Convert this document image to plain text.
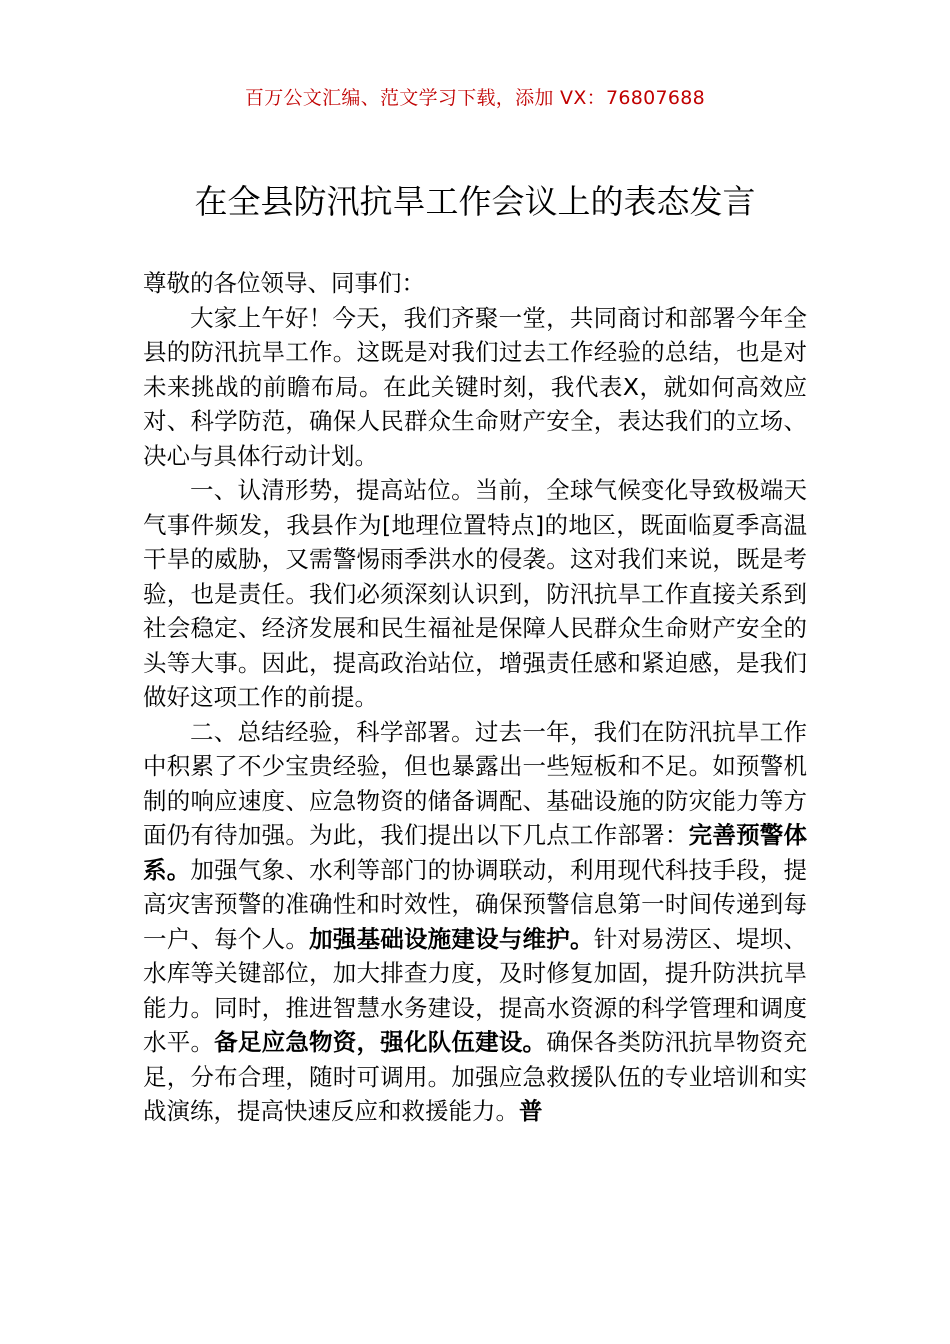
百万公文汇编、范文学习下载，添加 VX：76807688
在全县防汛抗旱工作会议上的表态发言

尊敬的各位领导、同事们：

大家上午好！今天，我们齐聚一堂，共同商讨和部署今年全县的防汛抗旱工作。这既是对我们过去工作经验的总结，也是对未来挑战的前瞻布局。在此关键时刻，我代表X，就如何高效应对、科学防范，确保人民群众生命财产安全，表达我们的立场、决心与具体行动计划。

一、认清形势，提高站位。当前，全球气候变化导致极端天气事件频发，我县作为[地理位置特点]的地区，既面临夏季高温干旱的威胁，又需警惕雨季洪水的侵袭。这对我们来说，既是考验，也是责任。我们必须深刻认识到，防汛抗旱工作直接关系到社会稳定、经济发展和民生福祉是保障人民群众生命财产安全的头等大事。因此，提高政治站位，增强责任感和紧迫感，是我们做好这项工作的前提。

二、总结经验，科学部署。过去一年，我们在防汛抗旱工作中积累了不少宝贵经验，但也暴露出一些短板和不足。如预警机制的响应速度、应急物资的储备调配、基础设施的防灾能力等方面仍有待加强。为此，我们提出以下几点工作部署：完善预警体系。加强气象、水利等部门的协调联动，利用现代科技手段，提高灾害预警的准确性和时效性，确保预警信息第一时间传递到每一户、每个人。加强基础设施建设与维护。针对易涝区、堤坝、水库等关键部位，加大排查力度，及时修复加固，提升防洪抗旱能力。同时，推进智慧水务建设，提高水资源的科学管理和调度水平。备足应急物资，强化队伍建设。确保各类防汛抗旱物资充足，分布合理，随时可调用。加强应急救援队伍的专业培训和实战演练，提高快速反应和救援能力。普
